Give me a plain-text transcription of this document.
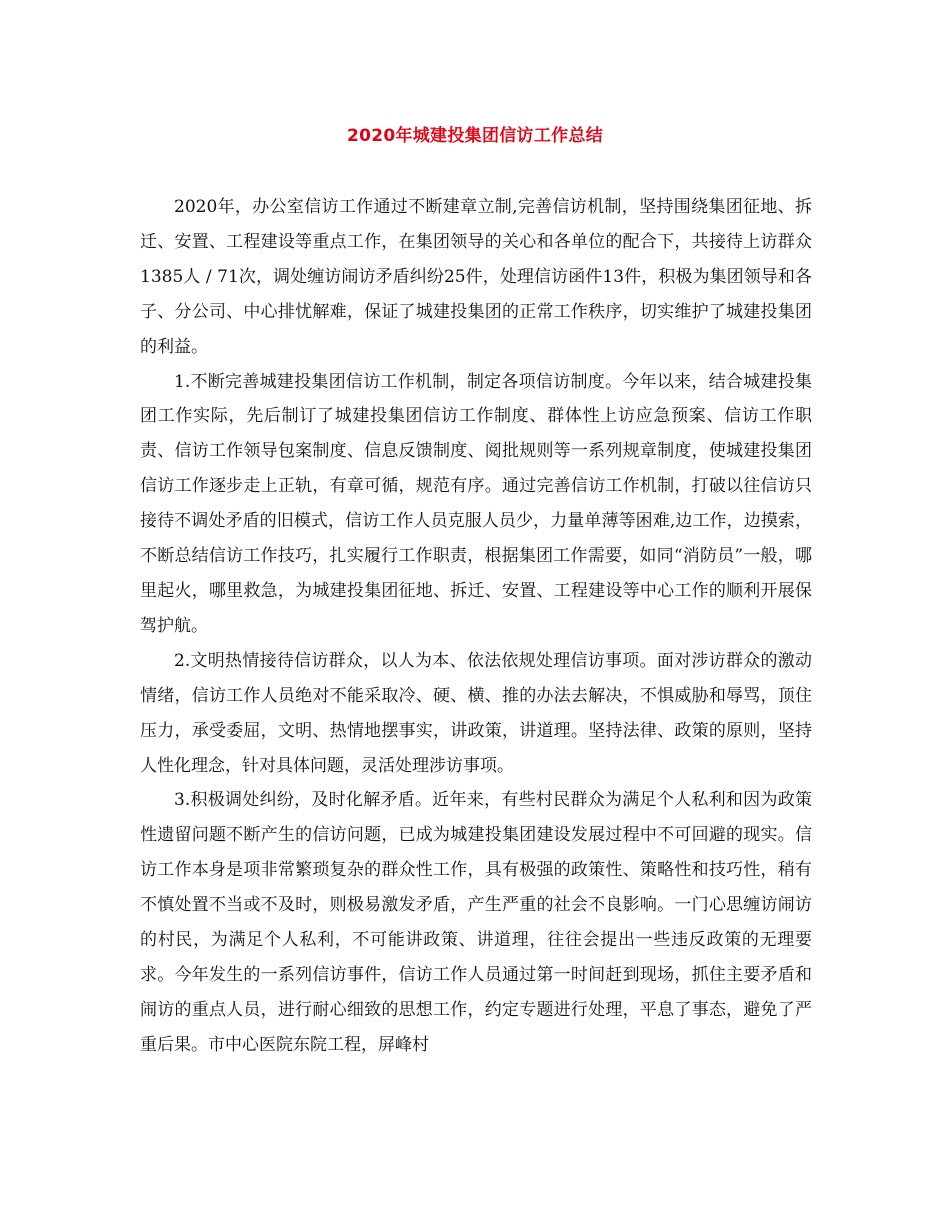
2020年城建投集团信访工作总结

2020年，办公室信访工作通过不断建章立制,完善信访机制，坚持围绕集团征地、拆迁、安置、工程建设等重点工作，在集团领导的关心和各单位的配合下，共接待上访群众1385人 / 71次，调处缠访闹访矛盾纠纷25件，处理信访函件13件，积极为集团领导和各子、分公司、中心排忧解难，保证了城建投集团的正常工作秩序，切实维护了城建投集团的利益。

1.不断完善城建投集团信访工作机制，制定各项信访制度。今年以来，结合城建投集团工作实际，先后制订了城建投集团信访工作制度、群体性上访应急预案、信访工作职责、信访工作领导包案制度、信息反馈制度、阅批规则等一系列规章制度，使城建投集团信访工作逐步走上正轨，有章可循，规范有序。通过完善信访工作机制，打破以往信访只接待不调处矛盾的旧模式，信访工作人员克服人员少，力量单薄等困难,边工作，边摸索，不断总结信访工作技巧，扎实履行工作职责，根据集团工作需要，如同“消防员”一般，哪里起火，哪里救急，为城建投集团征地、拆迁、安置、工程建设等中心工作的顺利开展保驾护航。

2.文明热情接待信访群众，以人为本、依法依规处理信访事项。面对涉访群众的激动情绪，信访工作人员绝对不能采取冷、硬、横、推的办法去解决，不惧威胁和辱骂，顶住压力，承受委屈，文明、热情地摆事实，讲政策，讲道理。坚持法律、政策的原则，坚持人性化理念，针对具体问题，灵活处理涉访事项。

3.积极调处纠纷，及时化解矛盾。近年来，有些村民群众为满足个人私利和因为政策性遗留问题不断产生的信访问题，已成为城建投集团建设发展过程中不可回避的现实。信访工作本身是项非常繁琐复杂的群众性工作，具有极强的政策性、策略性和技巧性，稍有不慎处置不当或不及时，则极易激发矛盾，产生严重的社会不良影响。一门心思缠访闹访的村民，为满足个人私利，不可能讲政策、讲道理，往往会提出一些违反政策的无理要求。今年发生的一系列信访事件，信访工作人员通过第一时间赶到现场，抓住主要矛盾和闹访的重点人员，进行耐心细致的思想工作，约定专题进行处理，平息了事态，避免了严重后果。市中心医院东院工程，屏峰村
